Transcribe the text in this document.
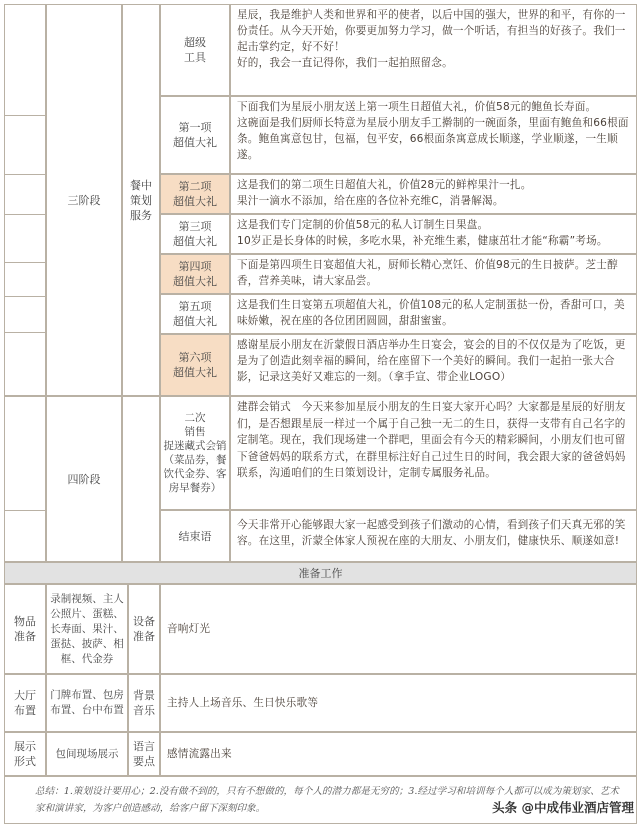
三阶段
四阶段
餐中
策划
服务
超级
工具
第一项
超值大礼
第二项
超值大礼
第三项
超值大礼
第四项
超值大礼
第五项
超值大礼
第六项
超值大礼
二次
销售
捉迷藏式会销
（菜品券，餐饮代金券、客房早餐券）
结束语
星辰，我是维护人类和世界和平的使者，以后中国的强大，世界的和平，有你的一份责任。从今天开始，你要更加努力学习，做一个听话，有担当的好孩子。我们一起击掌约定，好不好！
好的，我会一直记得你，我们一起拍照留念。
下面我们为星辰小朋友送上第一项生日超值大礼，价值58元的鲍鱼长寿面。
这碗面是我们厨师长特意为星辰小朋友手工擀制的一碗面条，里面有鲍鱼和66根面条。鲍鱼寓意包甘，包福，包平安，66根面条寓意成长顺遂，学业顺遂，一生顺遂。
这是我们的第二项生日超值大礼，价值28元的鲜榨果汁一扎。
果汁一滴水不添加，给在座的各位补充维C，消暑解渴。
这是我们专门定制的价值58元的私人订制生日果盘。
10岁正是长身体的时候，多吃水果，补充维生素，健康茁壮才能“称霸”考场。
下面是第四项生日宴超值大礼，厨师长精心烹饪、价值98元的生日披萨。芝士醇香，营养美味，请大家品尝。
这是我们生日宴第五项超值大礼，价值108元的私人定制蛋挞一份，香甜可口，美味娇嫩，祝在座的各位团团圆圆，甜甜蜜蜜。
感谢星辰小朋友在沂蒙假日酒店举办生日宴会，宴会的目的不仅仅是为了吃饭，更是为了创造此刻幸福的瞬间，给在座留下一个美好的瞬间。我们一起拍一张大合影，记录这美好又难忘的一刻。（拿手宣、带企业LOGO）
建群会销式　今天来参加星辰小朋友的生日宴大家开心吗？大家都是星辰的好朋友们，是否想跟星辰一样过一个属于自己独一无二的生日，获得一支带有自己名字的定制笔。现在，我们现场建一个群吧，里面会有今天的精彩瞬间，小朋友们也可留下爸爸妈妈的联系方式，在群里标注好自己过生日的时间，我会跟大家的爸爸妈妈联系，沟通咱们的生日策划设计，定制专属服务礼品。
今天非常开心能够跟大家一起感受到孩子们激动的心情，看到孩子们天真无邪的笑容。在这里，沂蒙全体家人预祝在座的大朋友、小朋友们，健康快乐、顺遂如意!
准备工作
物品
准备
录制视频、主人公照片、蛋糕、长寿面、果汁、蛋挞、披萨、相框、代金券
设备
准备
音响灯光
大厅
布置
门牌布置、包房布置、台中布置
背景
音乐
主持人上场音乐、生日快乐歌等
展示
形式
包间现场展示
语言
要点
感情流露出来
总结：1.策划设计要用心；2.没有做不到的，只有不想做的，每个人的潜力都是无穷的；3.经过学习和培训每个人都可以成为策划家、艺术家和演讲家，为客户创造感动，给客户留下深刻印象。	头条 @中成伟业酒店管理
